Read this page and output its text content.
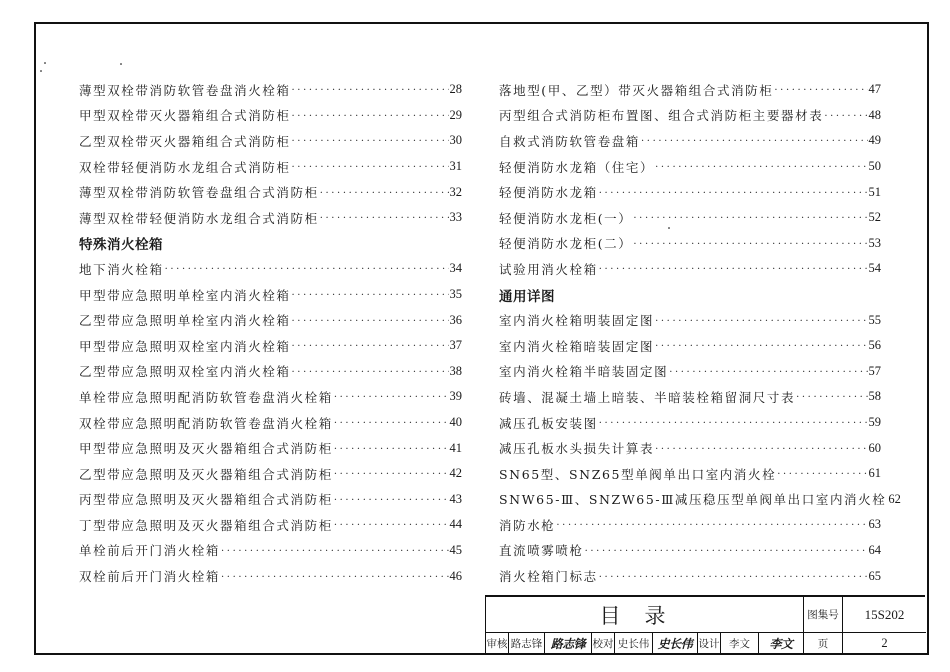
薄型双栓带消防软管卷盘消火栓箱 ·····	28
甲型双栓带灭火器箱组合式消防柜 ·····	29
乙型双栓带灭火器箱组合式消防柜 ·····	30
双栓带轻便消防水龙组合式消防柜 ·····	31
薄型双栓带消防软管卷盘组合式消防柜 ·····	32
薄型双栓带轻便消防水龙组合式消防柜 ·····	33
特殊消火栓箱
地下消火栓箱 ·····	34
甲型带应急照明单栓室内消火栓箱 ·····	35
乙型带应急照明单栓室内消火栓箱 ·····	36
甲型带应急照明双栓室内消火栓箱 ·····	37
乙型带应急照明双栓室内消火栓箱 ·····	38
单栓带应急照明配消防软管卷盘消火栓箱 ·····	39
双栓带应急照明配消防软管卷盘消火栓箱 ·····	40
甲型带应急照明及灭火器箱组合式消防柜 ·····	41
乙型带应急照明及灭火器箱组合式消防柜 ·····	42
丙型带应急照明及灭火器箱组合式消防柜 ·····	43
丁型带应急照明及灭火器箱组合式消防柜 ·····	44
单栓前后开门消火栓箱 ·····	45
双栓前后开门消火栓箱 ·····	46
落地型(甲、乙型）带灭火器箱组合式消防柜 ·····	47
丙型组合式消防柜布置图、组合式消防柜主要器材表 ·····	48
自救式消防软管卷盘箱 ·····	49
轻便消防水龙箱（住宅） ·····	50
轻便消防水龙箱 ·····	51
轻便消防水龙柜(一） ·····	52
轻便消防水龙柜(二） ·····	53
试验用消火栓箱 ·····	54
通用详图
室内消火栓箱明装固定图 ·····	55
室内消火栓箱暗装固定图 ·····	56
室内消火栓箱半暗装固定图 ·····	57
砖墙、混凝土墙上暗装、半暗装栓箱留洞尺寸表 ·····	58
减压孔板安装图 ·····	59
减压孔板水头损失计算表 ·····	60
SN65型、SNZ65型单阀单出口室内消火栓 ·····	61
SNW65-Ⅲ、SNZW65-Ⅲ减压稳压型单阀单出口室内消火栓 62
消防水枪 ·····	63
直流喷雾喷枪 ·····	64
消火栓箱门标志 ·····	65
目录	图集号	15S202
审核 路志锋 路志锋 校对 史长伟 史长伟 设计 李文	李文	页	2
